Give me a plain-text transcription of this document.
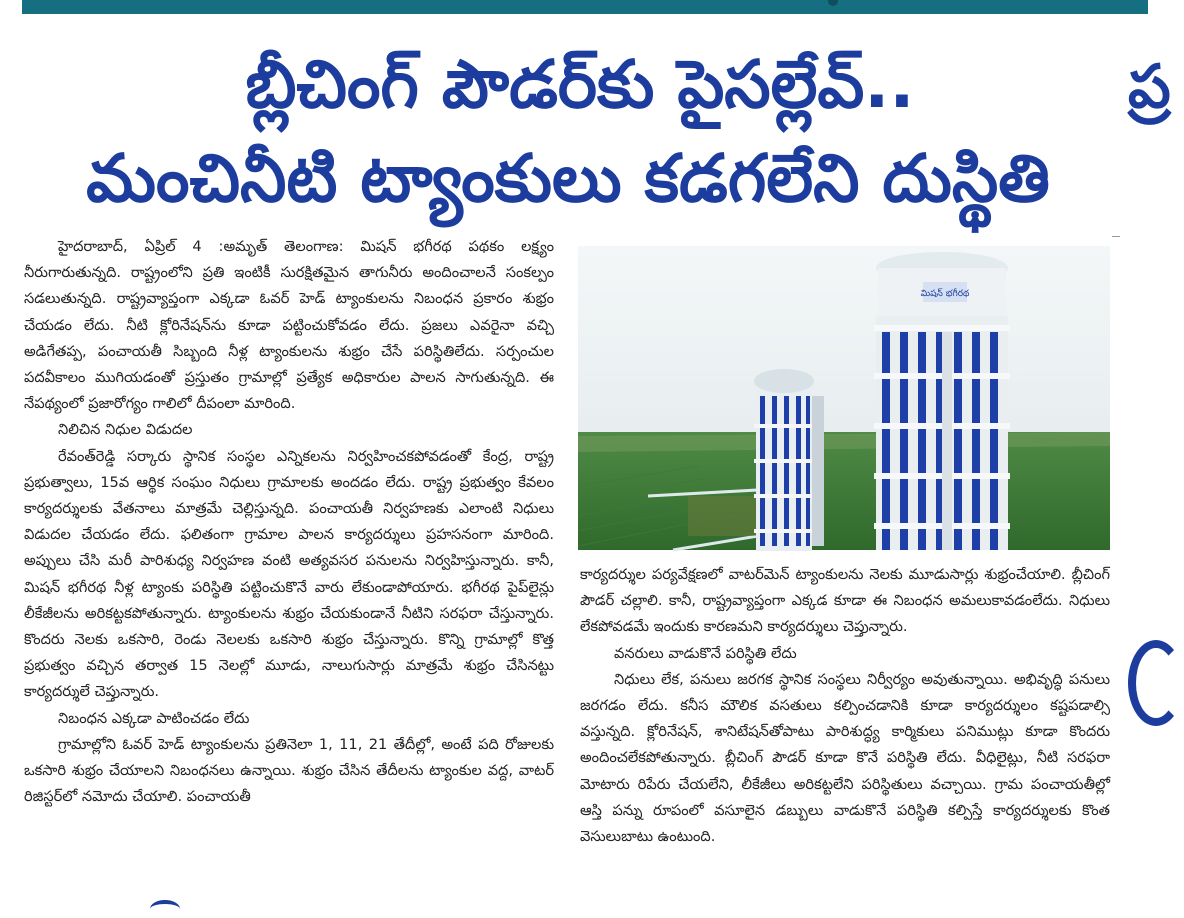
బ్లీచింగ్ పౌడర్‌కు పైసల్లేవ్..
మంచినీటి ట్యాంకులు కడగలేని దుస్థితి

హైదరాబాద్, ఏప్రిల్ 4 :అమృత్ తెలంగాణ: మిషన్ భగీరథ పథకం లక్ష్యం నీరుగారుతున్నది. రాష్ట్రంలోని ప్రతి ఇంటికీ సురక్షితమైన తాగునీరు అందించాలనే సంకల్పం సడలుతున్నది. రాష్ట్రవ్యాప్తంగా ఎక్కడా ఓవర్ హెడ్ ట్యాంకులను నిబంధన ప్రకారం శుభ్రం చేయడం లేదు. నీటి క్లోరినేషన్‌ను కూడా పట్టించుకోవడం లేదు. ప్రజలు ఎవరైనా వచ్చి అడిగేతప్ప, పంచాయతీ సిబ్బంది నీళ్ల ట్యాంకులను శుభ్రం చేసే పరిస్థితిలేదు. సర్పంచుల పదవీకాలం ముగియడంతో ప్రస్తుతం గ్రామాల్లో ప్రత్యేక అధికారుల పాలన సాగుతున్నది. ఈ నేపథ్యంలో ప్రజారోగ్యం గాలిలో దీపంలా మారింది.

నిలిచిన నిధుల విడుదల

రేవంత్‌రెడ్డి సర్కారు స్థానిక సంస్థల ఎన్నికలను నిర్వహించకపోవడంతో కేంద్ర, రాష్ట్ర ప్రభుత్వాలు, 15వ ఆర్థిక సంఘం నిధులు గ్రామాలకు అందడం లేదు. రాష్ట్ర ప్రభుత్వం కేవలం కార్యదర్శులకు వేతనాలు మాత్రమే చెల్లిస్తున్నది. పంచాయతీ నిర్వహణకు ఎలాంటి నిధులు విడుదల చేయడం లేదు. ఫలితంగా గ్రామాల పాలన కార్యదర్శులు ప్రహసనంగా మారింది. అప్పులు చేసి మరీ పారిశుధ్య నిర్వహణ వంటి అత్యవసర పనులను నిర్వహిస్తున్నారు. కానీ, మిషన్ భగీరథ నీళ్ల ట్యాంకు పరిస్థితి పట్టించుకొనే వారు లేకుండాపోయారు. భగీరథ పైప్‌లైన్లు లీకేజీలను అరికట్టకపోతున్నారు. ట్యాంకులను శుభ్రం చేయకుండానే నీటిని సరఫరా చేస్తున్నారు. కొందరు నెలకు ఒకసారి, రెండు నెలలకు ఒకసారి శుభ్రం చేస్తున్నారు. కొన్ని గ్రామాల్లో కొత్త ప్రభుత్వం వచ్చిన తర్వాత 15 నెలల్లో మూడు, నాలుగుసార్లు మాత్రమే శుభ్రం చేసినట్టు కార్యదర్శులే చెప్తున్నారు.

నిబంధన ఎక్కడా పాటించడం లేదు

గ్రామాల్లోని ఓవర్ హెడ్ ట్యాంకులను ప్రతినెలా 1, 11, 21 తేదీల్లో, అంటే పది రోజులకు ఒకసారి శుభ్రం చేయాలని నిబంధనలు ఉన్నాయి. శుభ్రం చేసిన తేదీలను ట్యాంకుల వద్ద, వాటర్ రిజిస్టర్‌లో నమోదు చేయాలి. పంచాయతీ

మిషన్ భగీరథ

కార్యదర్శుల పర్యవేక్షణలో వాటర్‌మెన్ ట్యాంకులను నెలకు మూడుసార్లు శుభ్రంచేయాలి. బ్లీచింగ్ పౌడర్ చల్లాలి. కానీ, రాష్ట్రవ్యాప్తంగా ఎక్కడ కూడా ఈ నిబంధన అమలుకావడంలేదు. నిధులు లేకపోవడమే ఇందుకు కారణమని కార్యదర్శులు చెప్తున్నారు.

వనరులు వాడుకొనే పరిస్థితి లేదు

నిధులు లేక, పనులు జరగక స్థానిక సంస్థలు నిర్వీర్యం అవుతున్నాయి. అభివృద్ధి పనులు జరగడం లేదు. కనీస మౌలిక వసతులు కల్పించడానికి కూడా కార్యదర్శులం కష్టపడాల్సి వస్తున్నది. క్లోరినేషన్, శానిటేషన్‌తోపాటు పారిశుద్ధ్య కార్మికులు పనిముట్లు కూడా కొందరు అందించలేకపోతున్నారు. బ్లీచింగ్ పౌడర్ కూడా కొనే పరిస్థితి లేదు. వీధిలైట్లు, నీటి సరఫరా మోటారు రిపేరు చేయలేని, లీకేజీలు అరికట్టలేని పరిస్థితులు వచ్చాయి. గ్రామ పంచాయతీల్లో ఆస్తి పన్ను రూపంలో వసూలైన డబ్బులు వాడుకొనే పరిస్థితి కల్పిస్తే కార్యదర్శులకు కొంత వెసులుబాటు ఉంటుంది.

ప్ర
